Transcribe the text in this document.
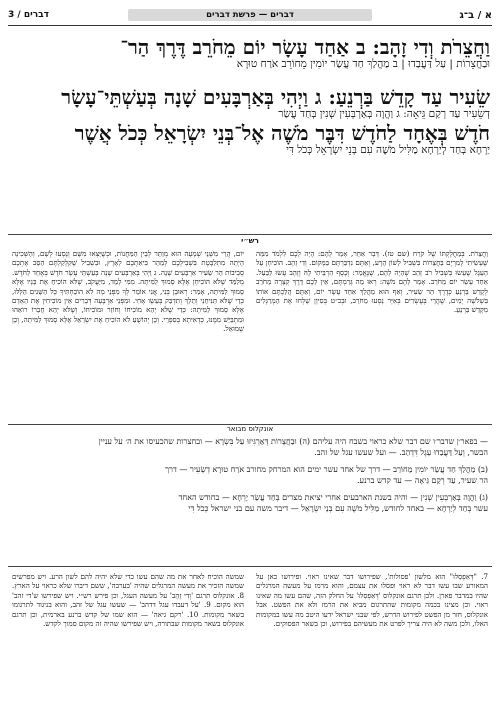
א / ב־ג
דברים — פרשת דברים
דברים / 3
וַחֲצֵרֹת וְדִי זָהָב: ב אַחַד עָשָׂר יוֹם מֵחֹרֵב דֶּרֶךְ הַר־
וּבַחֲצֵרוֹת | עַל דַּעֲבַדוּ | ב מַהֲלַךְ חַד עֲשַׂר יוֹמִין מֵחוֹרֵב אֹרַח טוּרָא
שֵׂעִיר עַד קָדֵשׁ בַּרְנֵעַ: ג וַיְהִי בְּאַרְבָּעִים שָׁנָה בְּעַשְׁתֵּי־עָשָׂר
דְשֵׂעִיר עַד רְקַם גֵּיאָה: ג וַהֲוָה בְּאַרְבְּעִין שְׁנִין בְּחַד עֲשַׂר
חֹדֶשׁ בְּאֶחָד לַחֹדֶשׁ דִּבֶּר מֹשֶׁה אֶל־בְּנֵי יִשְׂרָאֵל כְּכֹל אֲשֶׁר
יַרְחָא בְּחַד לְיַרְחָא מַלִּיל מֹשֶׁה עִם בְּנֵי יִשְׂרָאֵל כְּכֹל דִּי
רש״י
וַחֲצֵרֹת. בְּמַחֲלָקְתּוֹ שֶׁל קֹרַח (שם טז). דָּבָר אַחֵר, אָמַר לָהֶם: הָיָה לָכֶם לִלְמֹד מִמַּה שֶּׁעָשִׂיתִי לְמִרְיָם בַּחֲצֵרוֹת בִּשְׁבִיל לָשׁוֹן הָרָע, וְאַתֶּם נִדְבַּרְתֶּם בַּמָּקוֹם. וְדִי זָהָב. הוֹכִיחָן עַל הָעֵגֶל שֶׁעָשׂוּ בִּשְׁבִיל רֹב זָהָב שֶׁהָיָה לָהֶם, שֶׁנֶּאֱמַר: וְכֶסֶף הִרְבֵּיתִי לָהּ וְזָהָב עָשׂוּ לַבַּעַל. אַחַד עָשָׂר יוֹם מֵחֹרֵב. אָמַר לָהֶם מֹשֶׁה: רְאוּ מַה גְּרַמְתֶּם, אֵין לָכֶם דֶּרֶךְ קְצָרָה מֵחֹרֵב לְקָדֵשׁ בַּרְנֵעַ כְּדֶרֶךְ הַר שֵׂעִיר, וְאַף הוּא מַהֲלַךְ אַחַד עָשָׂר יוֹם, וְאַתֶּם הֲלַכְתֶּם אוֹתוֹ בִּשְׁלֹשָׁה יָמִים, שֶׁהֲרֵי בְּעֶשְׂרִים בְּאִיָּר נָסְעוּ מֵחֹרֵב, וּבְכ״ט בְּסִיוָן שָׁלְחוּ אֶת הַמְרַגְּלִים מִקָּדֵשׁ בַּרְנֵעַ.
יוֹם, הֲרֵי מִשְּׁנֵי שְׁמָעָה הוּא מְוַתֵּר לְבֵין הַמַּחֲנוֹת, וּכְשֶׁיָּצְאוּ מִשָּׁם וְנָסְעוּ לְשָׁם, וְהַשְּׁכִינָה הָיְתָה מִתְלַבֶּטֶת בִּשְׁבִילְכֶם לְמַהֵר בִּיאַתְכֶם לָאָרֶץ, וּבִשְׁבִיל שֶׁקִּלְקַלְתֶּם הֵסֵב אֶתְכֶם סְבִיבוֹת הַר שֵׂעִיר אַרְבָּעִים שָׁנָה. ג וַיְהִי בְּאַרְבָּעִים שָׁנָה בְּעַשְׁתֵּי עָשָׂר חֹדֶשׁ בְּאֶחָד לַחֹדֶשׁ. מְלַמֵּד שֶׁלֹּא הוֹכִיחָן אֶלָּא סָמוּךְ לַמִּיתָה. מִמִּי לָמַד, מִיַּעֲקֹב, שֶׁלֹּא הוֹכִיחַ אֶת בָּנָיו אֶלָּא סָמוּךְ לַמִּיתָה, אָמַר: רְאוּבֵן בְּנִי, אֲנִי אוֹמֵר לְךָ מִפְּנֵי מָה לֹא הוֹכַחְתִּיךָ כָּל הַשָּׁנִים הַלָּלוּ, כְּדֵי שֶׁלֹּא תַּנִּיחֵנִי וְתֵלֵךְ וְתִדְבַּק בְּעֵשָׂו אָחִי. וּמִפְּנֵי אַרְבָּעָה דְּבָרִים אֵין מוֹכִיחִין אֶת הָאָדָם אֶלָּא סָמוּךְ לַמִּיתָה: כְּדֵי שֶׁלֹּא יְהֵא מוֹכִיחוֹ וְחוֹזֵר וּמוֹכִיחוֹ, וְשֶׁלֹּא יְהֵא חֲבֵרוֹ רוֹאֵהוּ וּמִתְבַּיֵּשׁ מִמֶּנּוּ, כְּדְאִיתָא בְּסִפְרֵי. וְכֵן יְהוֹשֻׁעַ לֹא הוֹכִיחַ אֶת יִשְׂרָאֵל אֶלָּא סָמוּךְ לַמִּיתָה, וְכֵן שְׁמוּאֵל.
אונקלוס מבואר
— בפאר׳ן שדבר׳ו שם דבר שלא כראוי בשבח היה עליהם (ה) וּבַחֲצֵרוֹת דְּאַרְגִּיזוּ עַל בִּשְׂרָא — ובחצרות שהכעיסו את ה׳ על עניין
הבשר, וְעַל דַּעֲבַדוּ עֵגֶל דִּדְהַב. — ועל שעשו עגל של זהב.
(ב) מַהֲלַךְ חַד עֲשַׂר יוֹמִין מֵחוֹרֵב — דרך של אחד עשר ימים הוא המרחק מחורב אֹרַח טוּרָא דְשֵׂעִיר — דרך
הר שעיר, עַד רְקַם גֵּיאָה — עד קדש ברנע.
(ג) וַהֲוָה בְּאַרְבְּעִין שְׁנִין — והיה בשנת הארבעים אחרי יציאת מצרים בְּחַד עֲשַׂר יַרְחָא — בחודש האחד
עשר בְּחַד לְיַרְחָא — באחד לחודש, מַלִּיל מֹשֶׁה עִם בְּנֵי יִשְׂרָאֵל — דיבר משה עם בני ישראל כְּכֹל דִּי
7. "דְּאַפְסִלוּ" הוא מלשון 'פסולות', שפירושו דבר שאינו ראוי. ופירושו כאן על המאורע שבו עשו דבר לא ראוי ופסלו את עצמם, והוא מרמז על מעשה המרגלים שהיו במדבר פארן. ולכן תרגם אונקלוס 'דְּאַפְסִלוּ' על החלק הזה, שהם עשו מה שאינו ראוי. וכן מצינו בכמה מקומות שהתרגום מביא את הרמז ולא את הפשט. אבל אונקלוס, חזר מן הפשט לפירוש הדרש, לפי שבני ישראל ידעו היטב מה עשו במקומות האלו, ולכן משה לא היה צריך לפרט את מעשיהם בפירוש, וכן בשאר הפסוקים.
שמשה הוכיח לאחר את מה שהם עשו כדי שלא יהיה להם לשון הרע. ויש מפרשים שמשה הזכיר את מעשה המרגלים שהיה 'בערבה', ששם דיברו שלא כראוי על הארץ. 8. אונקלוס תרגם 'וְדִי זָהָב' על מעשה העגל, וכן פירש רש״י. ויש שפירשו ש'די זהב' הוא מקום. 9. 'על דעבדו עגל דדהב' — שעשו עגל של זהב, והוא בניגוד לתרגומו בשאר מקומות. 10. 'רקם גיאה' — הוא שמו של קדש ברנע בארמית, וכן תרגם אונקלוס בשאר מקומות שבתורה, ויש שפירשו שהיה זה מקום סמוך לקדש.
